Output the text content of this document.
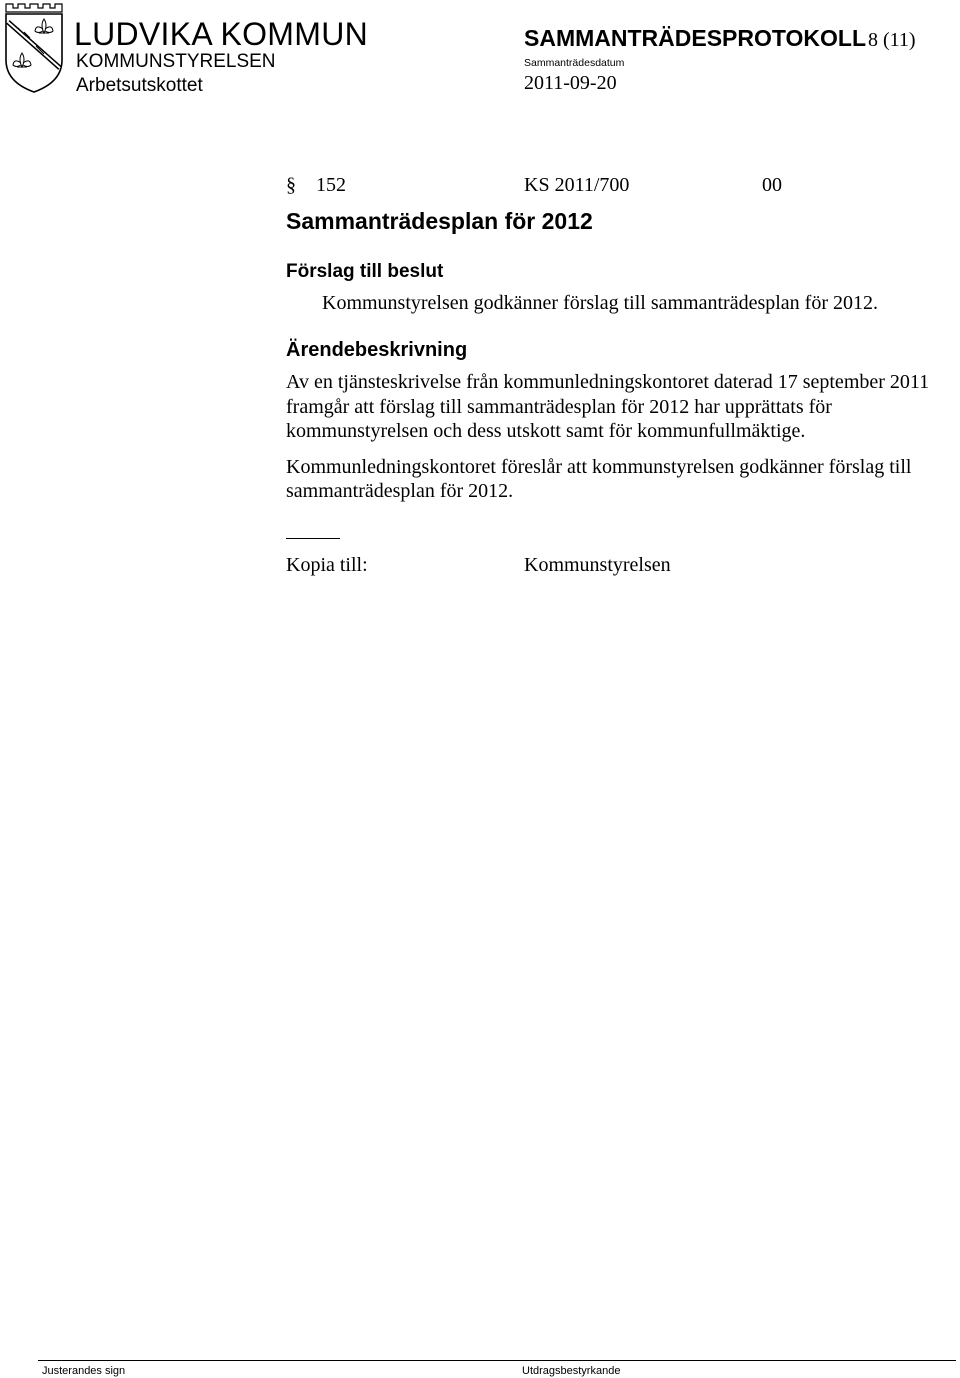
LUDVIKA KOMMUN
KOMMUNSTYRELSEN
Arbetsutskottet
SAMMANTRÄDESPROTOKOLL 8 (11)
Sammanträdesdatum
2011-09-20
§ 152	KS 2011/700	00
Sammanträdesplan för 2012
Förslag till beslut
Kommunstyrelsen godkänner förslag till sammanträdesplan för 2012.
Ärendebeskrivning

Av en tjänsteskrivelse från kommunledningskontoret daterad 17 september 2011 framgår att förslag till sammanträdesplan för 2012 har upprättats för kommunstyrelsen och dess utskott samt för kommunfullmäktige.

Kommunledningskontoret föreslår att kommunstyrelsen godkänner förslag till sammanträdesplan för 2012.

Kopia till:	Kommunstyrelsen
Justerandes sign	Utdragsbestyrkande
